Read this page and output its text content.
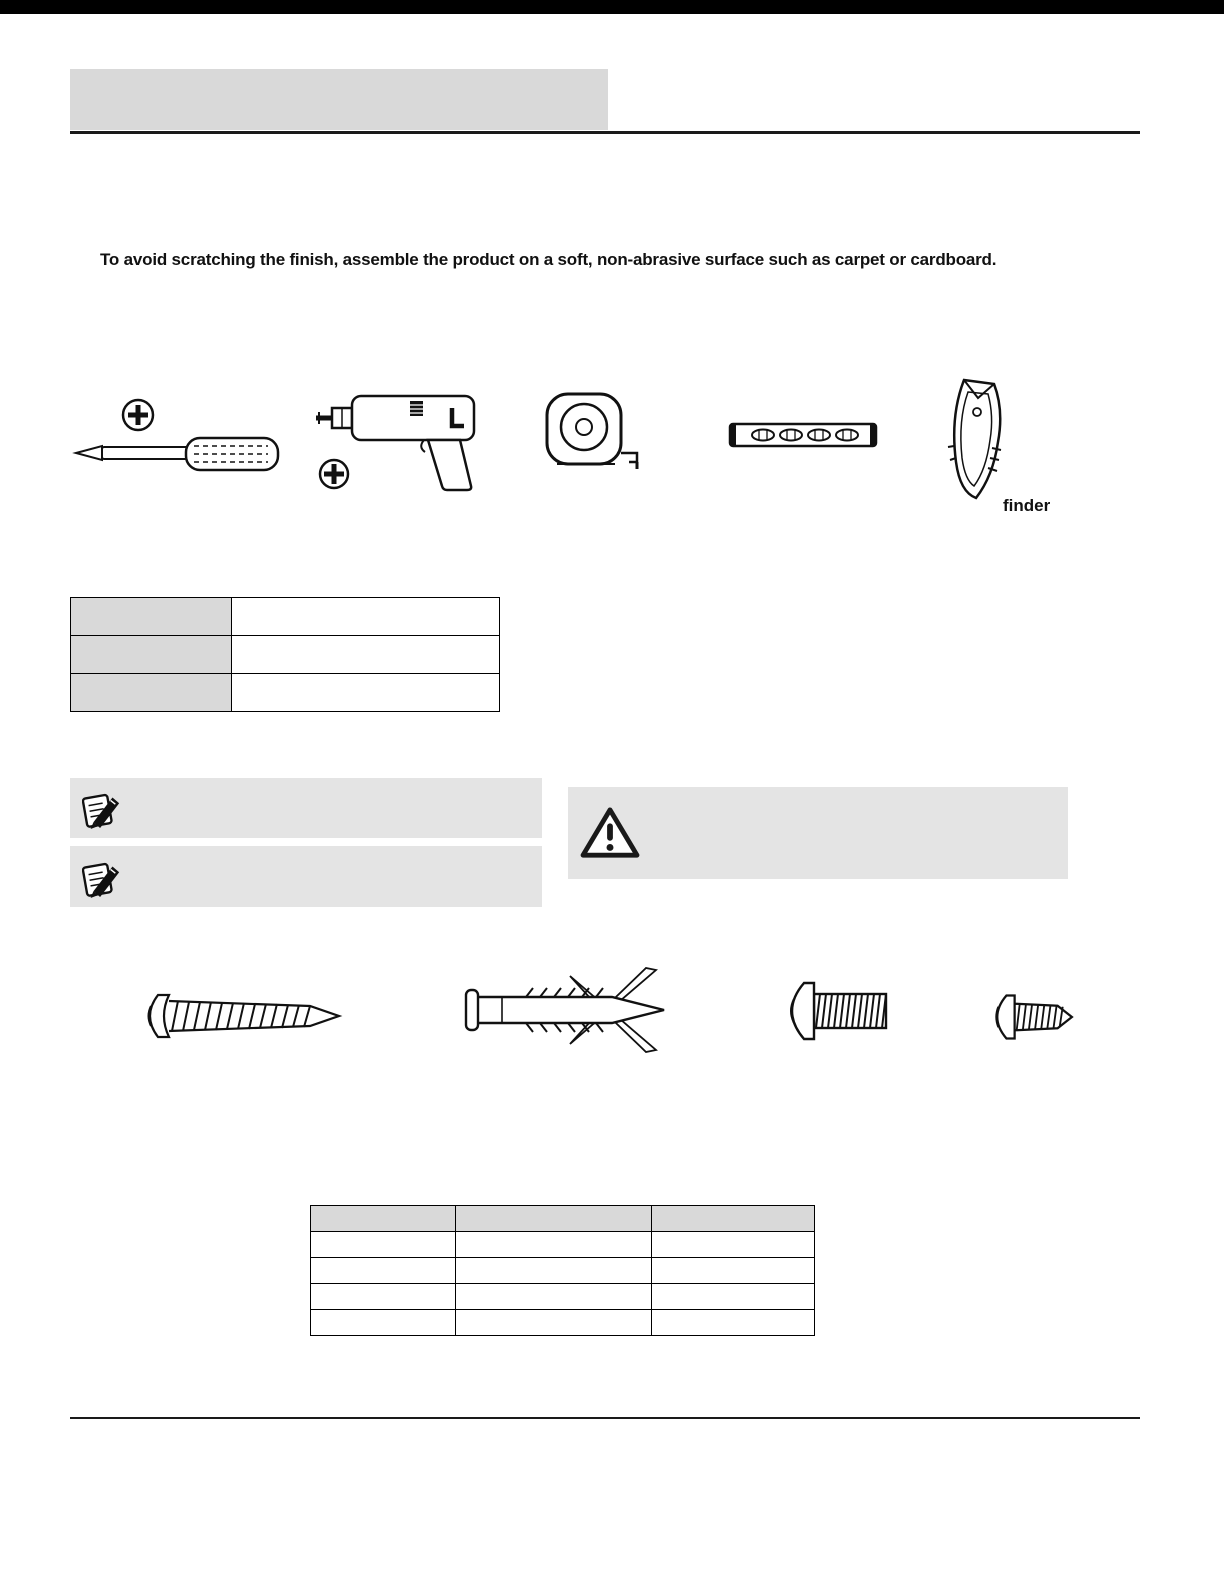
To avoid scratching the finish, assemble the product on a soft, non-abrasive surface such as carpet or cardboard.
finder
